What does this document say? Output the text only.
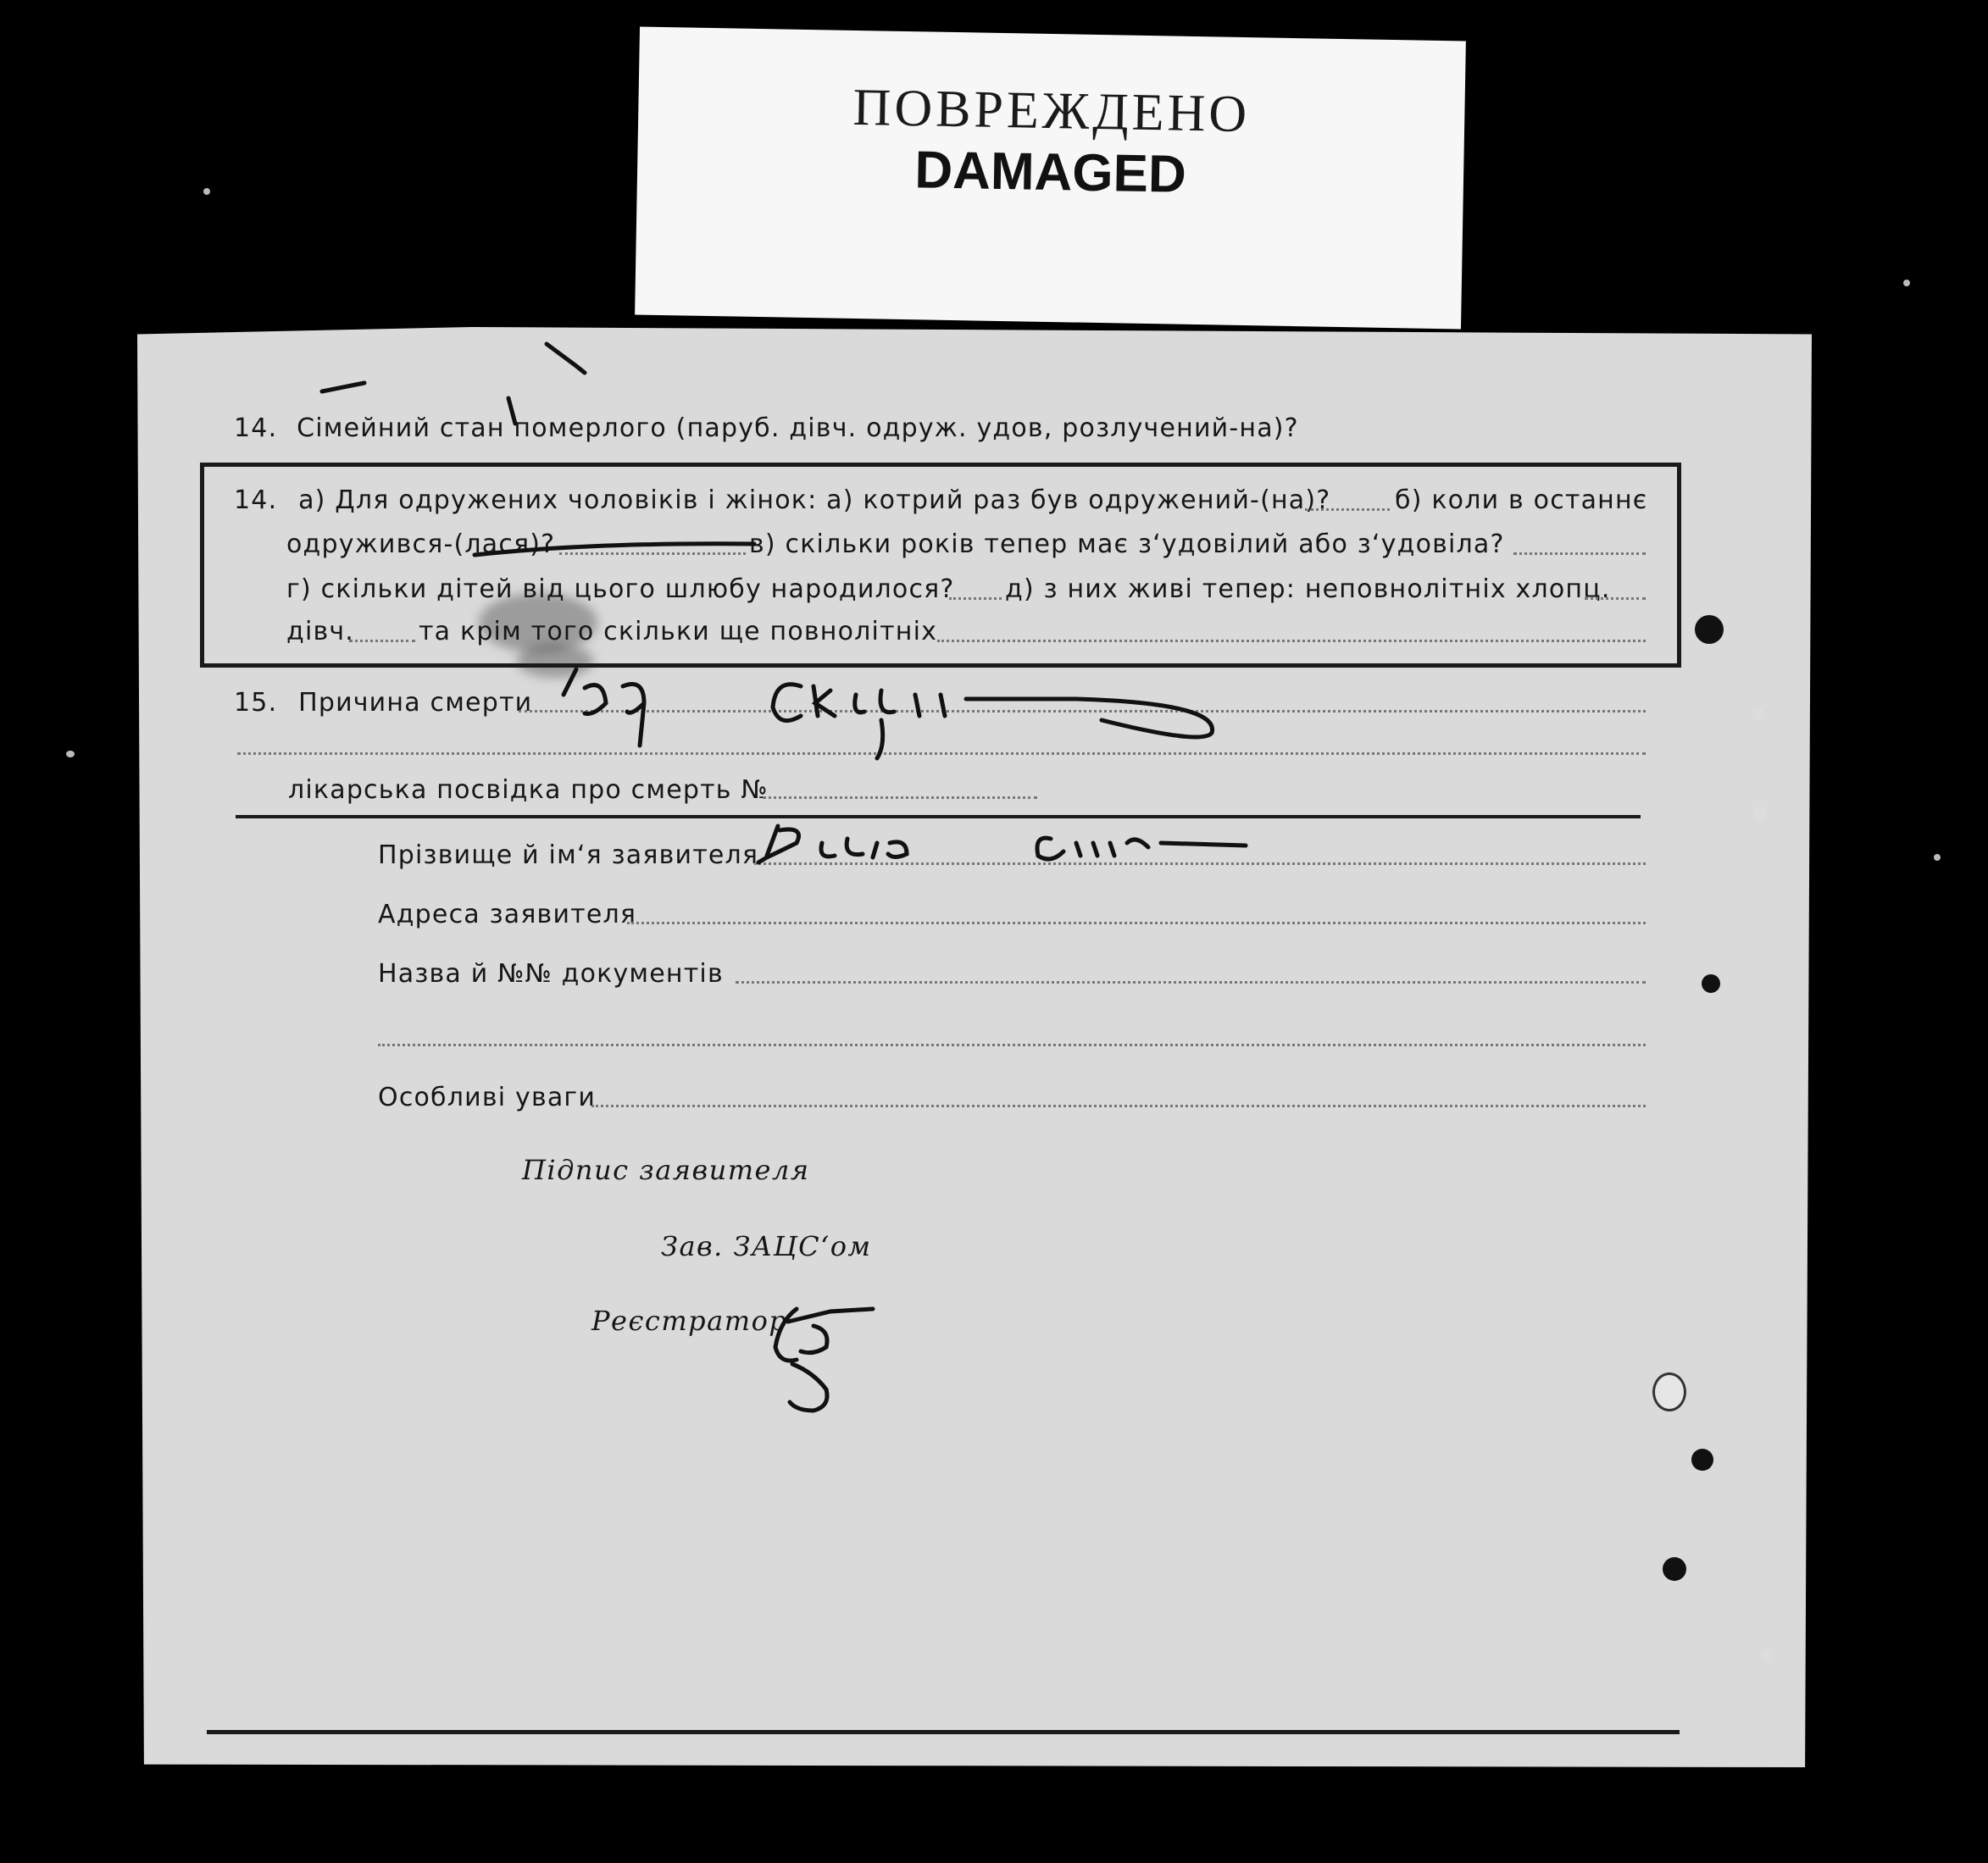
ПОВРЕЖДЕНО
DAMAGED
14. Сімейний стан померлого (паруб. дівч. одруж. удов, розлучений-на)?
14. а) Для одружених чоловіків і жінок: а) котрий раз був одружений-(на)?	б) коли в останнє
одружився-(лася)?	в) скільки років тепер має з‘удовілий або з‘удовіла?
г) скільки дітей від цього шлюбу народилося? д) з них живі тепер: неповнолітніх хлопц.
дівч.	та крім того скільки ще повнолітніх
15. Причина смерти
лікарська посвідка про смерть №
Прізвище й ім‘я заявителя
Адреса заявителя
Назва й №№ документів
Особливі уваги
Підпис заявителя
Зав. ЗАЦС‘ом
Реєстратор
